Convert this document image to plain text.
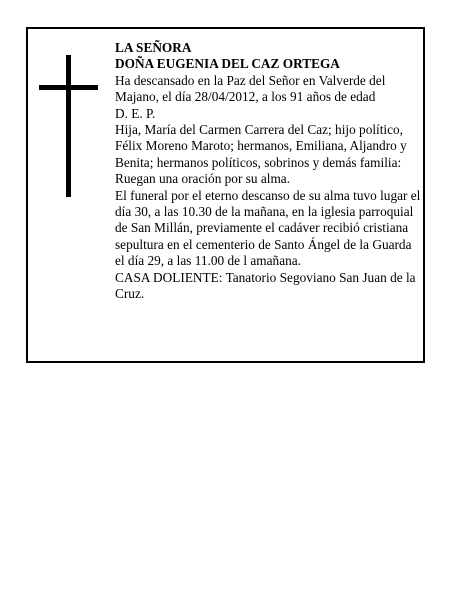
LA SEÑORA

DOÑA EUGENIA DEL CAZ ORTEGA

Ha descansado en la Paz del Señor en Valverde del Majano, el día 28/04/2012, a los 91 años de edad

D. E. P.

Hija, María del Carmen Carrera del Caz; hijo político, Félix Moreno Maroto; hermanos, Emiliana, Aljandro y Benita; hermanos políticos, sobrinos y demás familia:

Ruegan una oración por su alma.

El funeral por el eterno descanso de su alma tuvo lugar el día 30, a las 10.30 de la mañana, en la iglesia parroquial de San Millán, previamente el cadáver recibió cristiana sepultura en el cementerio de Santo Ángel de la Guarda el día 29, a las 11.00 de l amañana.

CASA DOLIENTE: Tanatorio Segoviano San Juan de la Cruz.
